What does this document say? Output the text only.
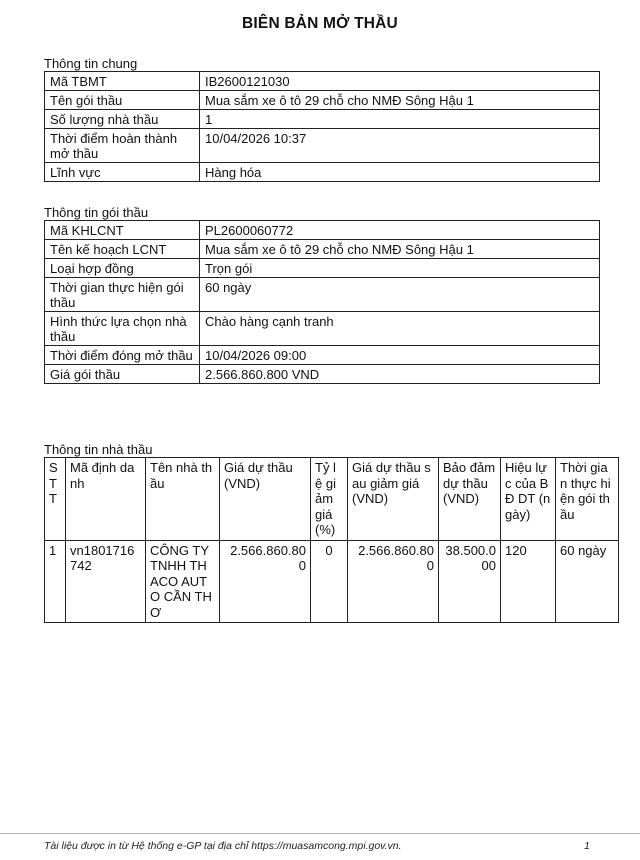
BIÊN BẢN MỞ THẦU
Thông tin chung
Mã TBMT	IB2600121030
Tên gói thầu	Mua sắm xe ô tô 29 chỗ cho NMĐ Sông Hậu 1
Số lượng nhà thầu	1
Thời điểm hoàn thành mở thầu	10/04/2026 10:37
Lĩnh vực	Hàng hóa
Thông tin gói thầu
Mã KHLCNT	PL2600060772
Tên kế hoạch LCNT	Mua sắm xe ô tô 29 chỗ cho NMĐ Sông Hậu 1
Loại hợp đồng	Trọn gói
Thời gian thực hiện gói thầu	60 ngày
Hình thức lựa chọn nhà thầu	Chào hàng cạnh tranh
Thời điểm đóng mở thầu	10/04/2026 09:00
Giá gói thầu	2.566.860.800 VND
Thông tin nhà thầu
STT	Mã định danh	Tên nhà thầu	Giá dự thầu (VND)	Tỷ lệ giảm giá (%)	Giá dự thầu sau giảm giá (VND)	Bảo đảm dự thầu (VND)	Hiệu lực của BĐ DT (ngày)	Thời gian thực hiện gói thầu
1	vn1801716742	CÔNG TY TNHH THACO AUTO CẦN THƠ	2.566.860.800	0	2.566.860.800	38.500.000	120	60 ngày
Tài liệu được in từ Hệ thống e-GP tại địa chỉ https://muasamcong.mpi.gov.vn.	1
